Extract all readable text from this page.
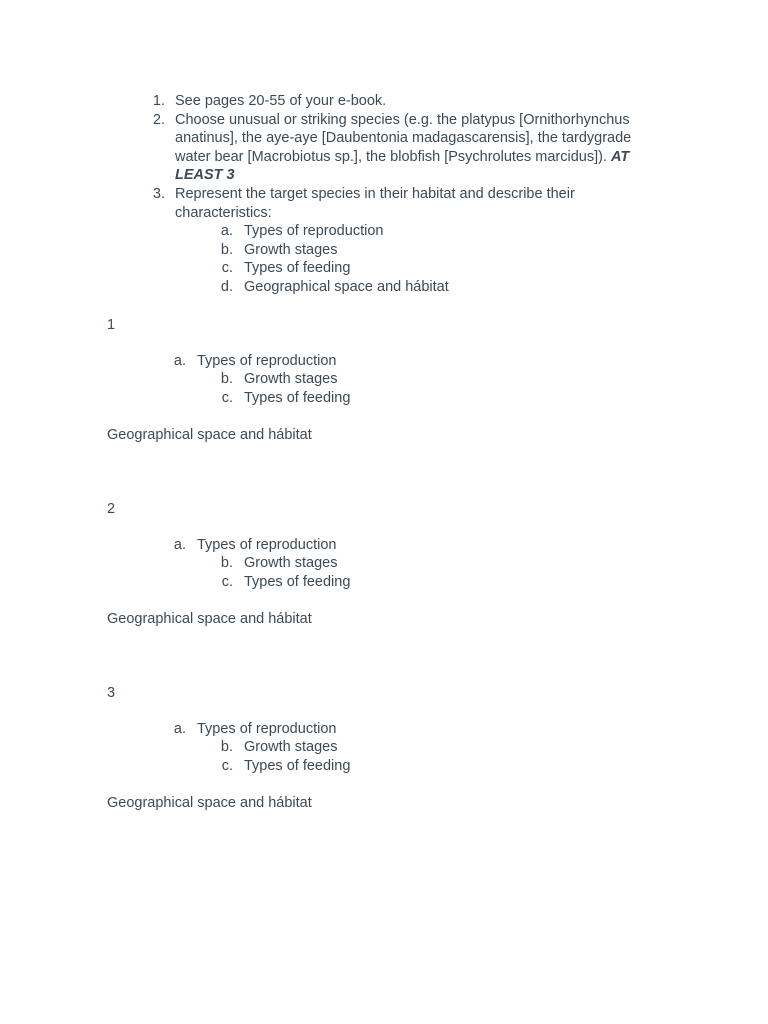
1. See pages 20-55 of your e-book.
2. Choose unusual or striking species (e.g. the platypus [Ornithorhynchus
anatinus], the aye-aye [Daubentonia madagascarensis], the tardygrade
water bear [Macrobiotus sp.], the blobfish [Psychrolutes marcidus]). AT
LEAST 3
3. Represent the target species in their habitat and describe their
characteristics:
a. Types of reproduction
b. Growth stages
c. Types of feeding
d. Geographical space and hábitat
1
a. Types of reproduction
b. Growth stages
c. Types of feeding
Geographical space and hábitat
2
a. Types of reproduction
b. Growth stages
c. Types of feeding
Geographical space and hábitat
3
a. Types of reproduction
b. Growth stages
c. Types of feeding
Geographical space and hábitat
